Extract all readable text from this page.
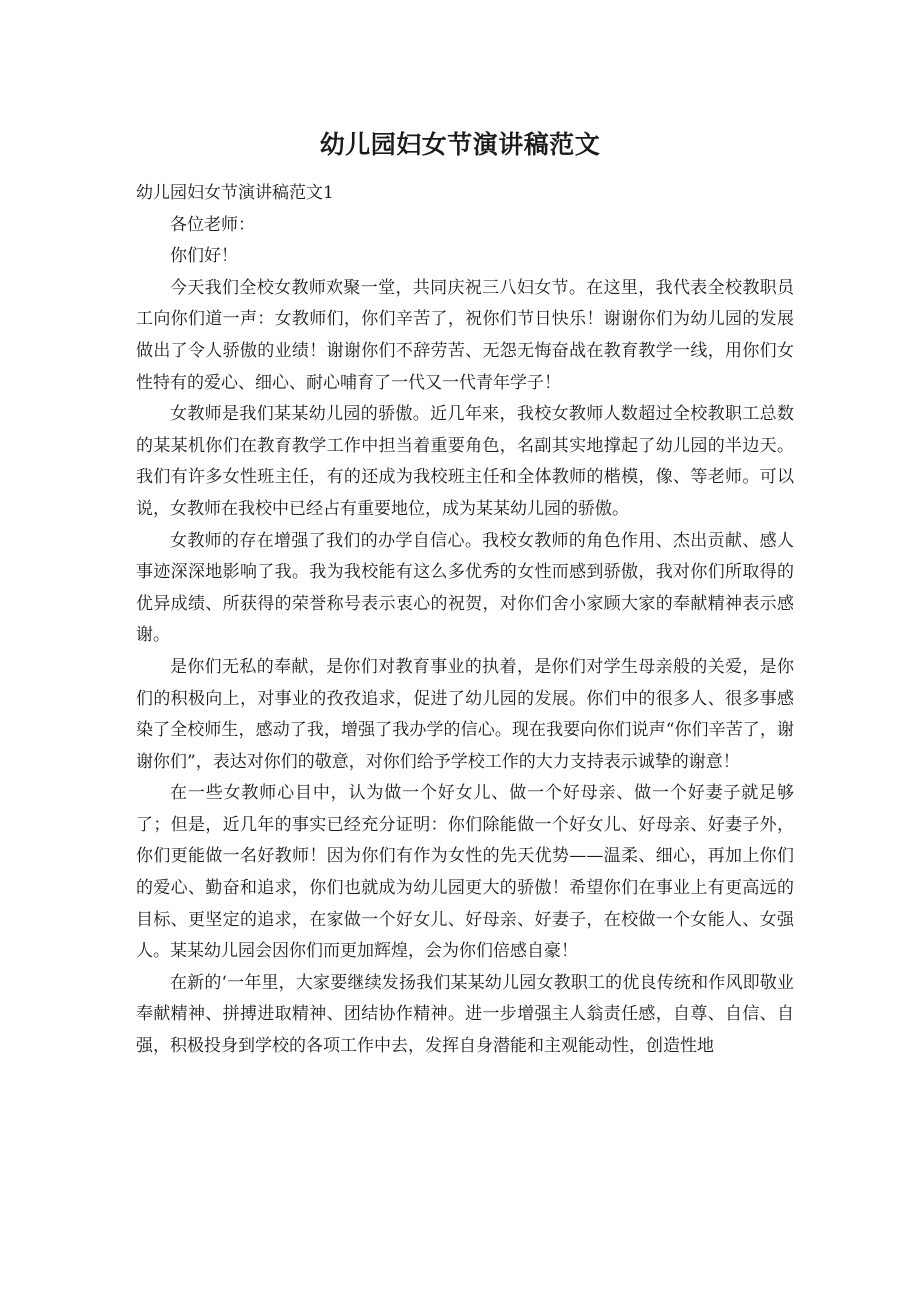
幼儿园妇女节演讲稿范文

幼儿园妇女节演讲稿范文1

各位老师：

你们好！

今天我们全校女教师欢聚一堂，共同庆祝三八妇女节。在这里，我代表全校教职员工向你们道一声：女教师们，你们辛苦了，祝你们节日快乐！谢谢你们为幼儿园的发展做出了令人骄傲的业绩！谢谢你们不辞劳苦、无怨无悔奋战在教育教学一线，用你们女性特有的爱心、细心、耐心哺育了一代又一代青年学子！

女教师是我们某某幼儿园的骄傲。近几年来，我校女教师人数超过全校教职工总数的某某机你们在教育教学工作中担当着重要角色，名副其实地撑起了幼儿园的半边天。我们有许多女性班主任，有的还成为我校班主任和全体教师的楷模，像、等老师。可以说，女教师在我校中已经占有重要地位，成为某某幼儿园的骄傲。

女教师的存在增强了我们的办学自信心。我校女教师的角色作用、杰出贡献、感人事迹深深地影响了我。我为我校能有这么多优秀的女性而感到骄傲，我对你们所取得的优异成绩、所获得的荣誉称号表示衷心的祝贺，对你们舍小家顾大家的奉献精神表示感谢。

是你们无私的奉献，是你们对教育事业的执着，是你们对学生母亲般的关爱，是你们的积极向上，对事业的孜孜追求，促进了幼儿园的发展。你们中的很多人、很多事感染了全校师生，感动了我，增强了我办学的信心。现在我要向你们说声“你们辛苦了，谢谢你们”，表达对你们的敬意，对你们给予学校工作的大力支持表示诚挚的谢意！

在一些女教师心目中，认为做一个好女儿、做一个好母亲、做一个好妻子就足够了；但是，近几年的事实已经充分证明：你们除能做一个好女儿、好母亲、好妻子外，你们更能做一名好教师！因为你们有作为女性的先天优势——温柔、细心，再加上你们的爱心、勤奋和追求，你们也就成为幼儿园更大的骄傲！希望你们在事业上有更高远的目标、更坚定的追求，在家做一个好女儿、好母亲、好妻子，在校做一个女能人、女强人。某某幼儿园会因你们而更加辉煌，会为你们倍感自豪！

在新的‘一年里，大家要继续发扬我们某某幼儿园女教职工的优良传统和作风即敬业奉献精神、拼搏进取精神、团结协作精神。进一步增强主人翁责任感，自尊、自信、自强，积极投身到学校的各项工作中去，发挥自身潜能和主观能动性，创造性地
